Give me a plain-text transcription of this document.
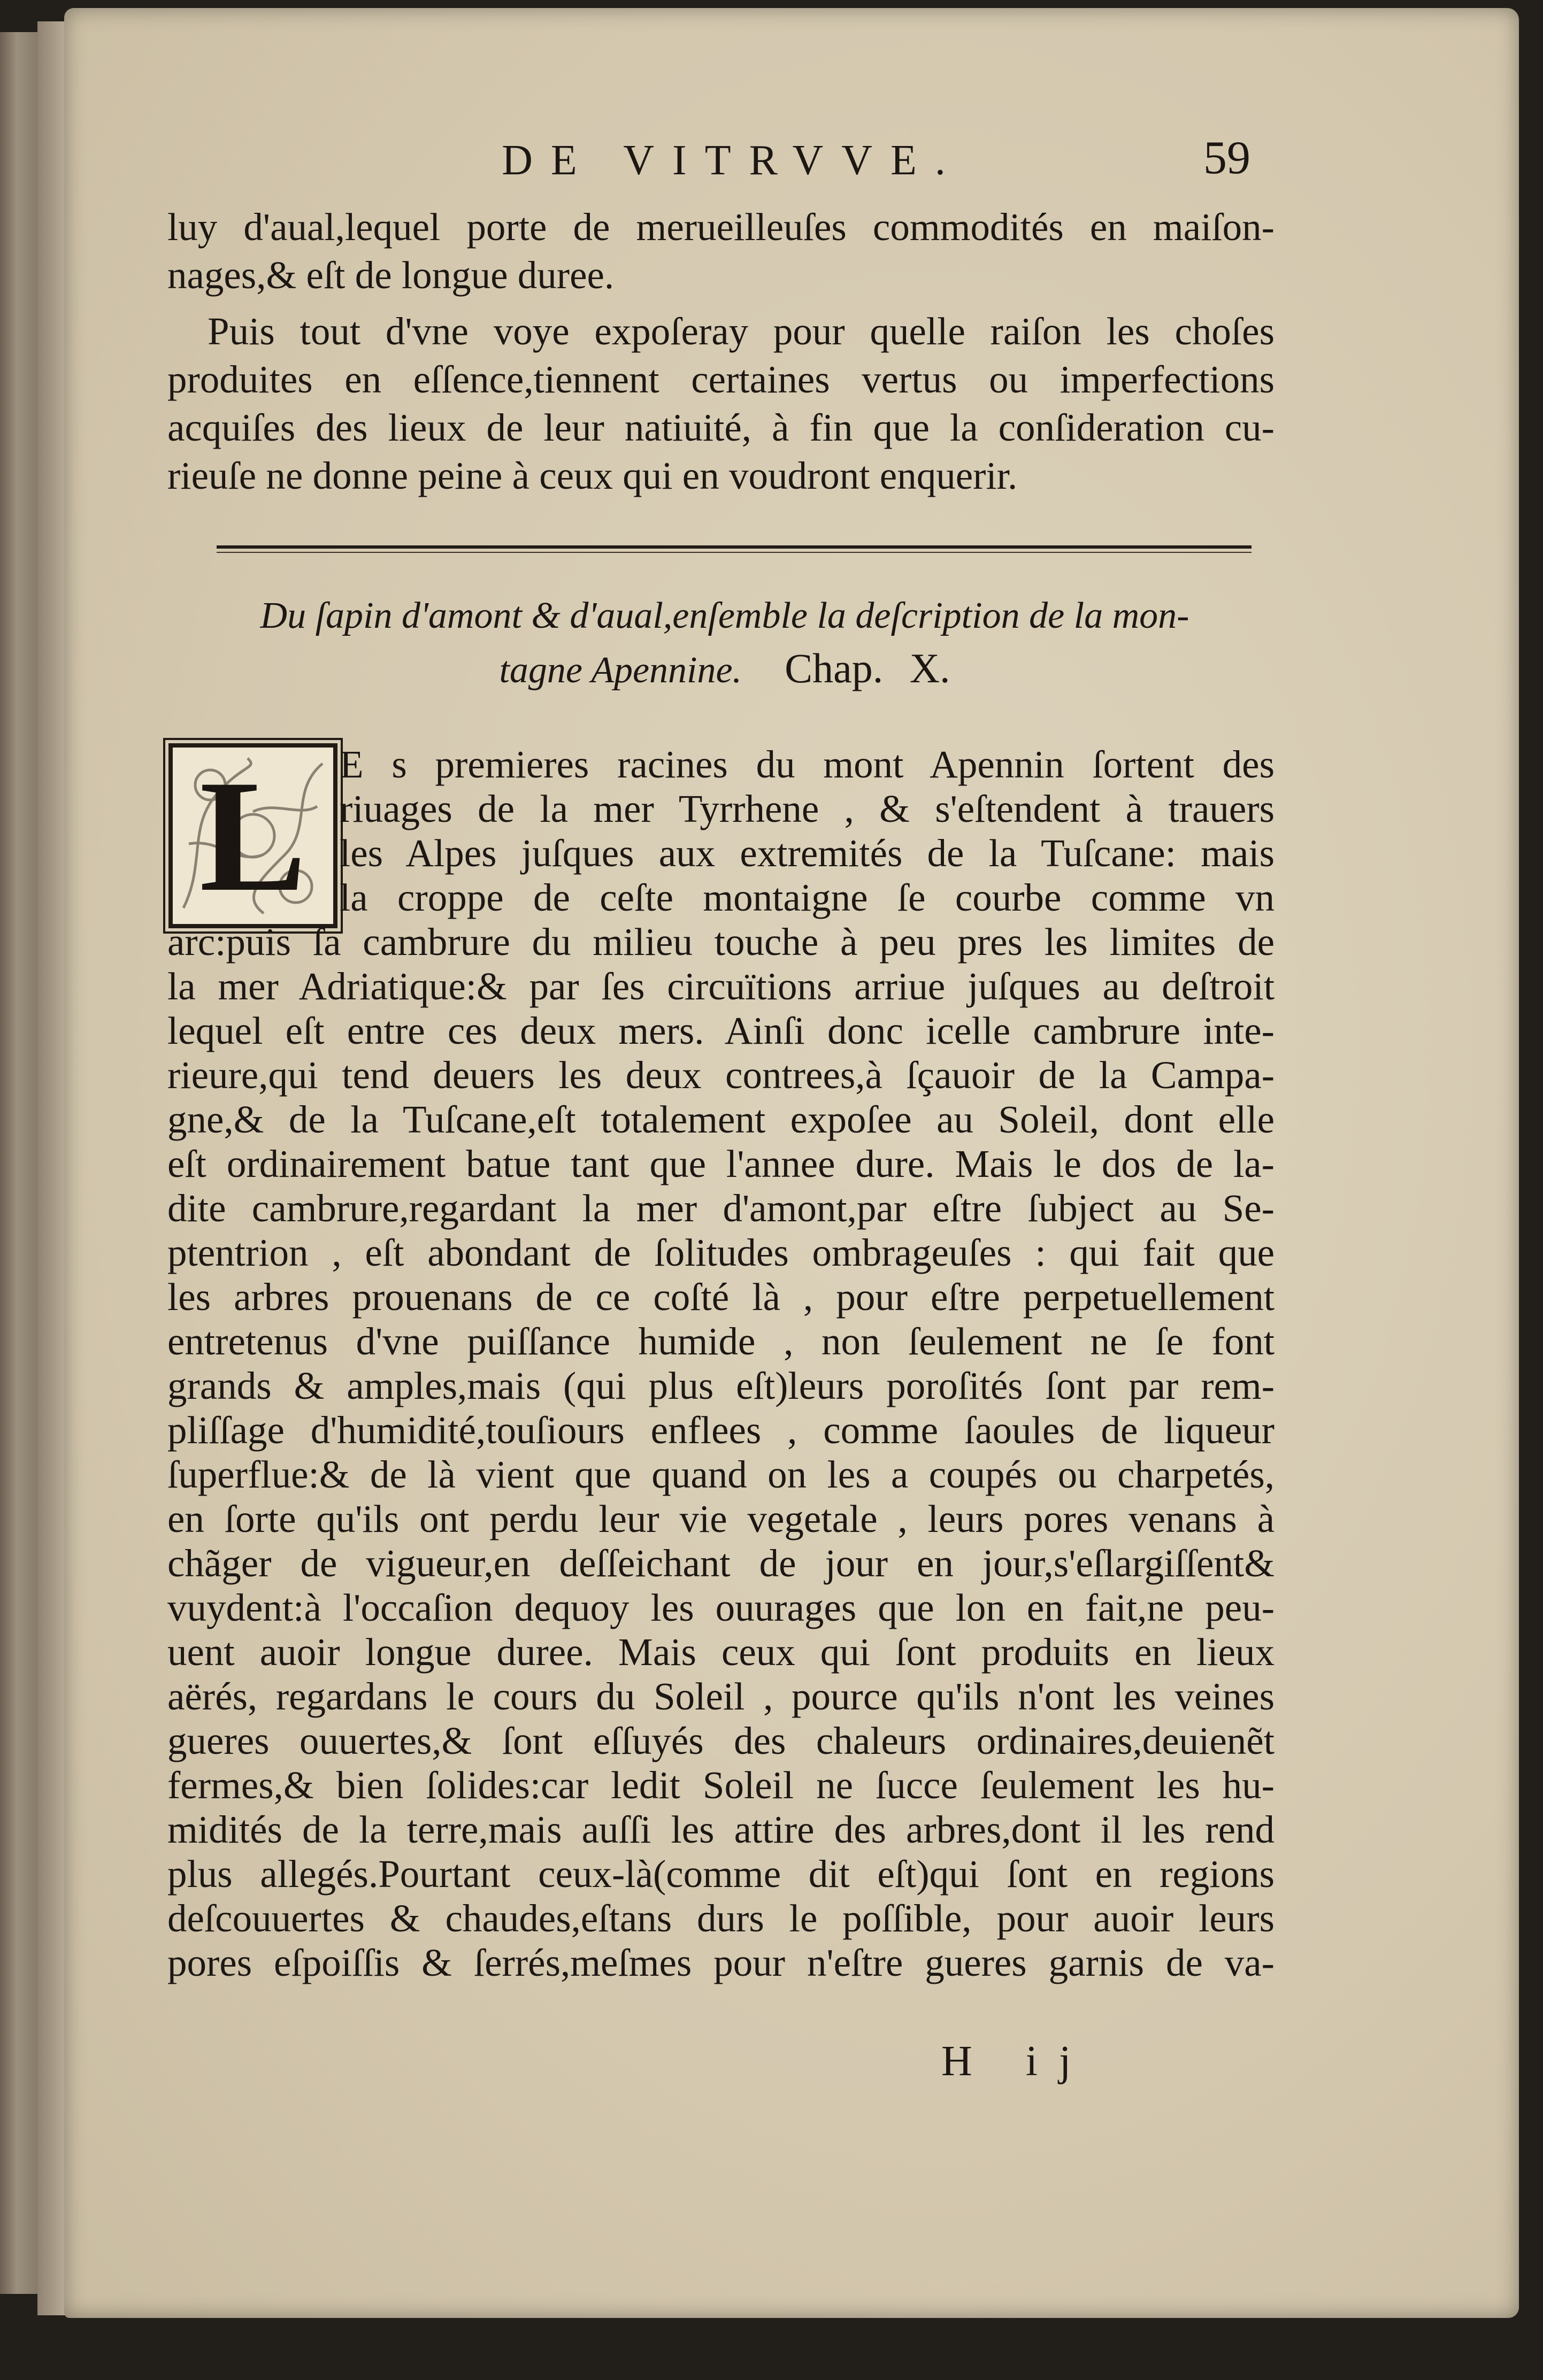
DE VITRVVE.	59
luy d'aual,lequel porte de merueilleuſes commodités en maiſon-
nages,& eſt de longue duree.
Puis tout d'vne voye expoſeray pour quelle raiſon les choſes
produites en eſſence,tiennent certaines vertus ou imperfections
acquiſes des lieux de leur natiuité, à fin que la conſideration cu-
rieuſe ne donne peine à ceux qui en voudront enquerir.
Du ſapin d'amont & d'aual,enſemble la deſcription de la mon-
tagne Apennine. Chap. X.
L E s premieres racines du mont Apennin ſortent des
riuages de la mer Tyrrhene , & s'eſtendent à trauers
les Alpes juſques aux extremités de la Tuſcane: mais
la croppe de ceſte montaigne ſe courbe comme vn
arc:puis ſa cambrure du milieu touche à peu pres les limites de
la mer Adriatique:& par ſes circuïtions arriue juſques au deſtroit
lequel eſt entre ces deux mers. Ainſi donc icelle cambrure inte-
rieure,qui tend deuers les deux contrees,à ſçauoir de la Campa-
gne,& de la Tuſcane,eſt totalement expoſee au Soleil, dont elle
eſt ordinairement batue tant que l'annee dure. Mais le dos de la-
dite cambrure,regardant la mer d'amont,par eſtre ſubject au Se-
ptentrion , eſt abondant de ſolitudes ombrageuſes : qui fait que
les arbres prouenans de ce coſté là , pour eſtre perpetuellement
entretenus d'vne puiſſance humide , non ſeulement ne ſe font
grands & amples,mais (qui plus eſt)leurs poroſités ſont par rem-
pliſſage d'humidité,touſiours enflees , comme ſaoules de liqueur
ſuperflue:& de là vient que quand on les a coupés ou charpetés,
en ſorte qu'ils ont perdu leur vie vegetale , leurs pores venans à
chãger de vigueur,en deſſeichant de jour en jour,s'eſlargiſſent&
vuydent:à l'occaſion dequoy les ouurages que lon en fait,ne peu-
uent auoir longue duree. Mais ceux qui ſont produits en lieux
aërés, regardans le cours du Soleil , pource qu'ils n'ont les veines
gueres ouuertes,& ſont eſſuyés des chaleurs ordinaires,deuienẽt
fermes,& bien ſolides:car ledit Soleil ne ſucce ſeulement les hu-
midités de la terre,mais auſſi les attire des arbres,dont il les rend
plus allegés.Pourtant ceux-là(comme dit eſt)qui ſont en regions
deſcouuertes & chaudes,eſtans durs le poſſible, pour auoir leurs
pores eſpoiſſis & ſerrés,meſmes pour n'eſtre gueres garnis de va-
H ij
